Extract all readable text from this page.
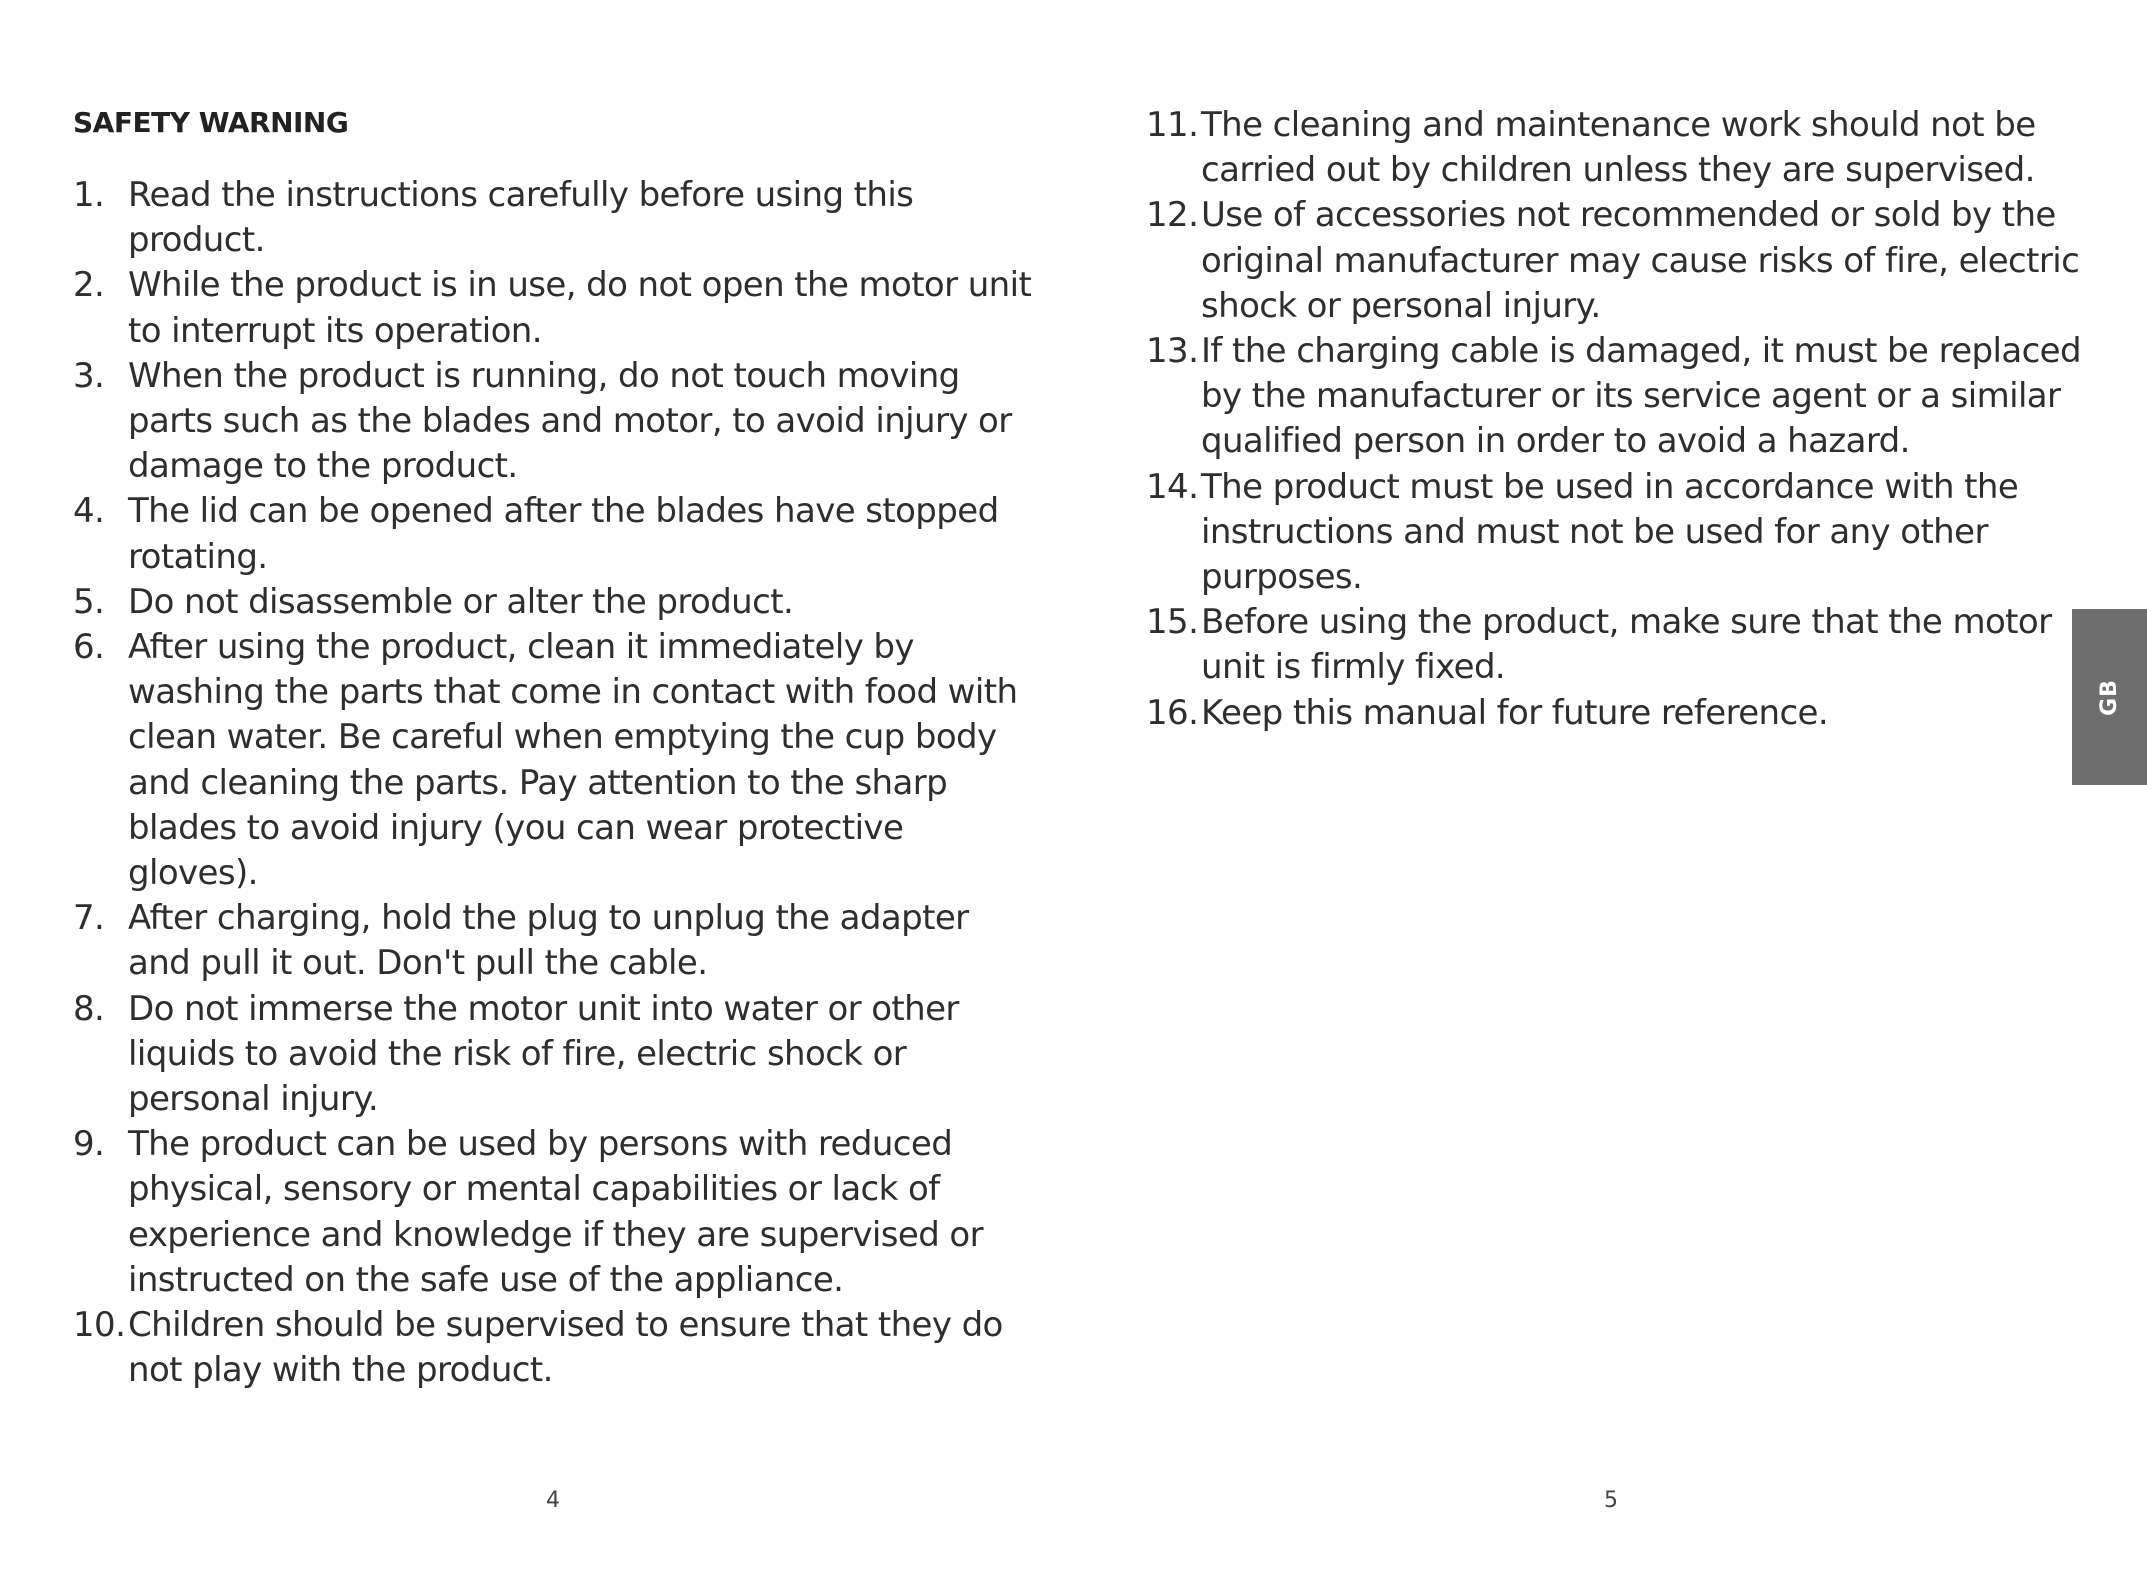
SAFETY WARNING
1. Read the instructions carefully before using this product.
2. While the product is in use, do not open the motor unit to interrupt its operation.
3. When the product is running, do not touch moving parts such as the blades and motor, to avoid injury or damage to the product.
4. The lid can be opened after the blades have stopped rotating.
5. Do not disassemble or alter the product.
6. After using the product, clean it immediately by washing the parts that come in contact with food with clean water. Be careful when emptying the cup body and cleaning the parts. Pay attention to the sharp blades to avoid injury (you can wear protective gloves).
7. After charging, hold the plug to unplug the adapter and pull it out. Don't pull the cable.
8. Do not immerse the motor unit into water or other liquids to avoid the risk of fire, electric shock or personal injury.
9. The product can be used by persons with reduced physical, sensory or mental capabilities or lack of experience and knowledge if they are supervised or instructed on the safe use of the appliance.
10. Children should be supervised to ensure that they do not play with the product.
4	5
11. The cleaning and maintenance work should not be carried out by children unless they are supervised.
12. Use of accessories not recommended or sold by the original manufacturer may cause risks of fire, electric shock or personal injury.
13. If the charging cable is damaged, it must be replaced by the manufacturer or its service agent or a similar qualified person in order to avoid a hazard.
14. The product must be used in accordance with the instructions and must not be used for any other purposes.
15. Before using the product, make sure that the motor unit is firmly fixed.
16. Keep this manual for future reference.	GB
